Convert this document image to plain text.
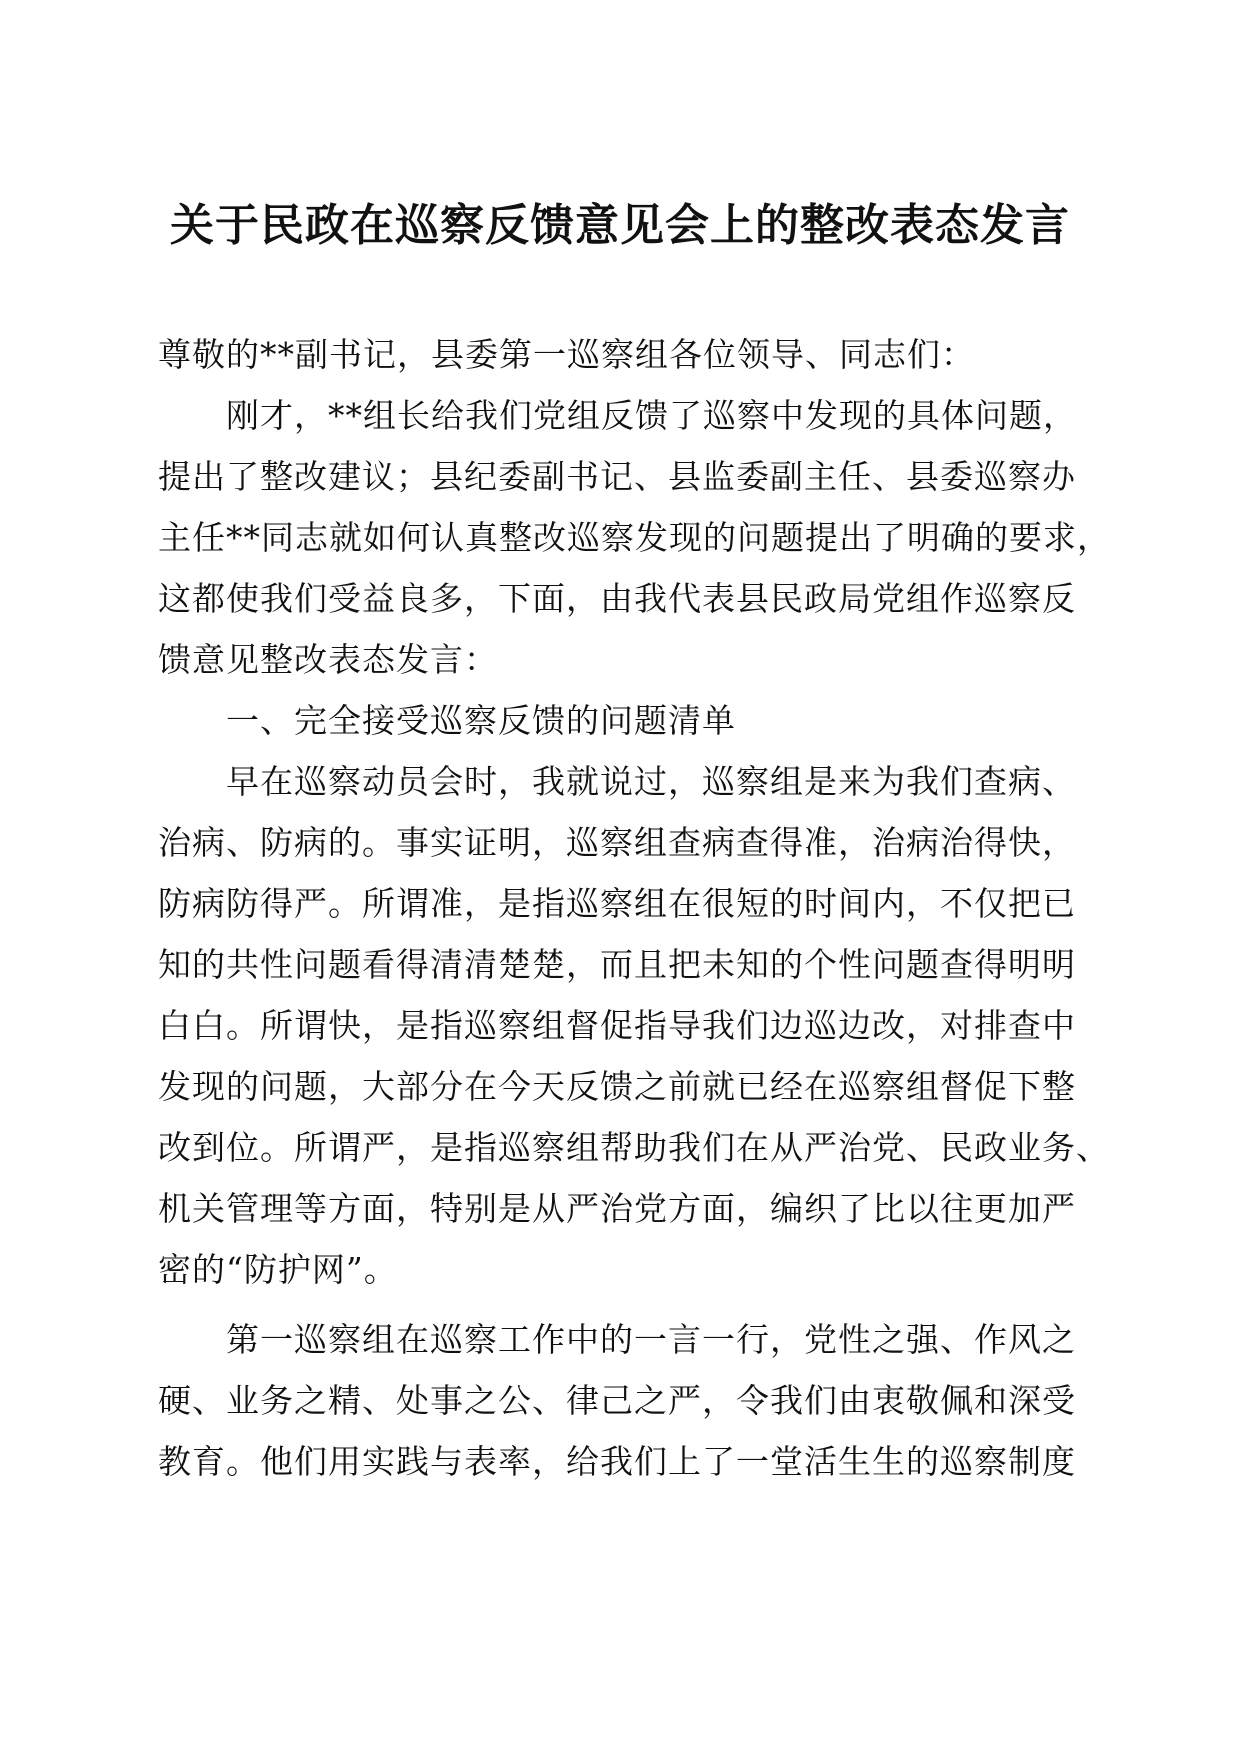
关于民政在巡察反馈意见会上的整改表态发言
尊敬的**副书记，县委第一巡察组各位领导、同志们：
刚才，**组长给我们党组反馈了巡察中发现的具体问题，
提出了整改建议；县纪委副书记、县监委副主任、县委巡察办
主任**同志就如何认真整改巡察发现的问题提出了明确的要求，
这都使我们受益良多，下面，由我代表县民政局党组作巡察反
馈意见整改表态发言：
一、完全接受巡察反馈的问题清单
早在巡察动员会时，我就说过，巡察组是来为我们查病、
治病、防病的。事实证明，巡察组查病查得准，治病治得快，
防病防得严。所谓准，是指巡察组在很短的时间内，不仅把已
知的共性问题看得清清楚楚，而且把未知的个性问题查得明明
白白。所谓快，是指巡察组督促指导我们边巡边改，对排查中
发现的问题，大部分在今天反馈之前就已经在巡察组督促下整
改到位。所谓严，是指巡察组帮助我们在从严治党、民政业务、
机关管理等方面，特别是从严治党方面，编织了比以往更加严
密的“防护网”。
第一巡察组在巡察工作中的一言一行，党性之强、作风之
硬、业务之精、处事之公、律己之严，令我们由衷敬佩和深受
教育。他们用实践与表率，给我们上了一堂活生生的巡察制度
